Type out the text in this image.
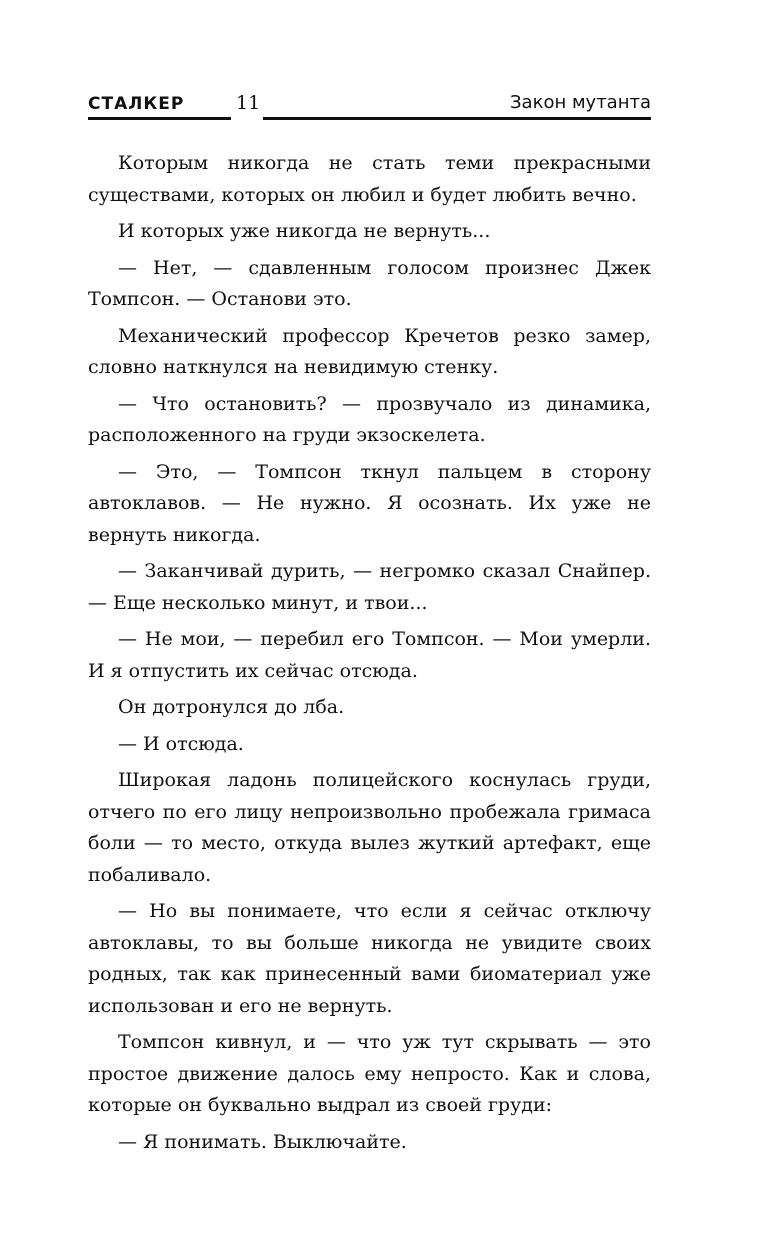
СТАЛКЕР	11	Закон мутанта

Которым никогда не стать теми прекрасными существами, которых он любил и будет любить вечно.

И которых уже никогда не вернуть...

— Нет, — сдавленным голосом произнес Джек Томпсон. — Останови это.

Механический профессор Кречетов резко замер, словно наткнулся на невидимую стенку.

— Что остановить? — прозвучало из динамика, расположенного на груди экзоскелета.

— Это, — Томпсон ткнул пальцем в сторону автоклавов. — Не нужно. Я осознать. Их уже не вернуть никогда.

— Заканчивай дурить, — негромко сказал Снайпер. — Еще несколько минут, и твои...

— Не мои, — перебил его Томпсон. — Мои умерли. И я отпустить их сейчас отсюда.

Он дотронулся до лба.

— И отсюда.

Широкая ладонь полицейского коснулась груди, отчего по его лицу непроизвольно пробежала гримаса боли — то место, откуда вылез жуткий артефакт, еще побаливало.

— Но вы понимаете, что если я сейчас отключу автоклавы, то вы больше никогда не увидите своих родных, так как принесенный вами биоматериал уже использован и его не вернуть.

Томпсон кивнул, и — что уж тут скрывать — это простое движение далось ему непросто. Как и слова, которые он буквально выдрал из своей груди:

— Я понимать. Выключайте.
